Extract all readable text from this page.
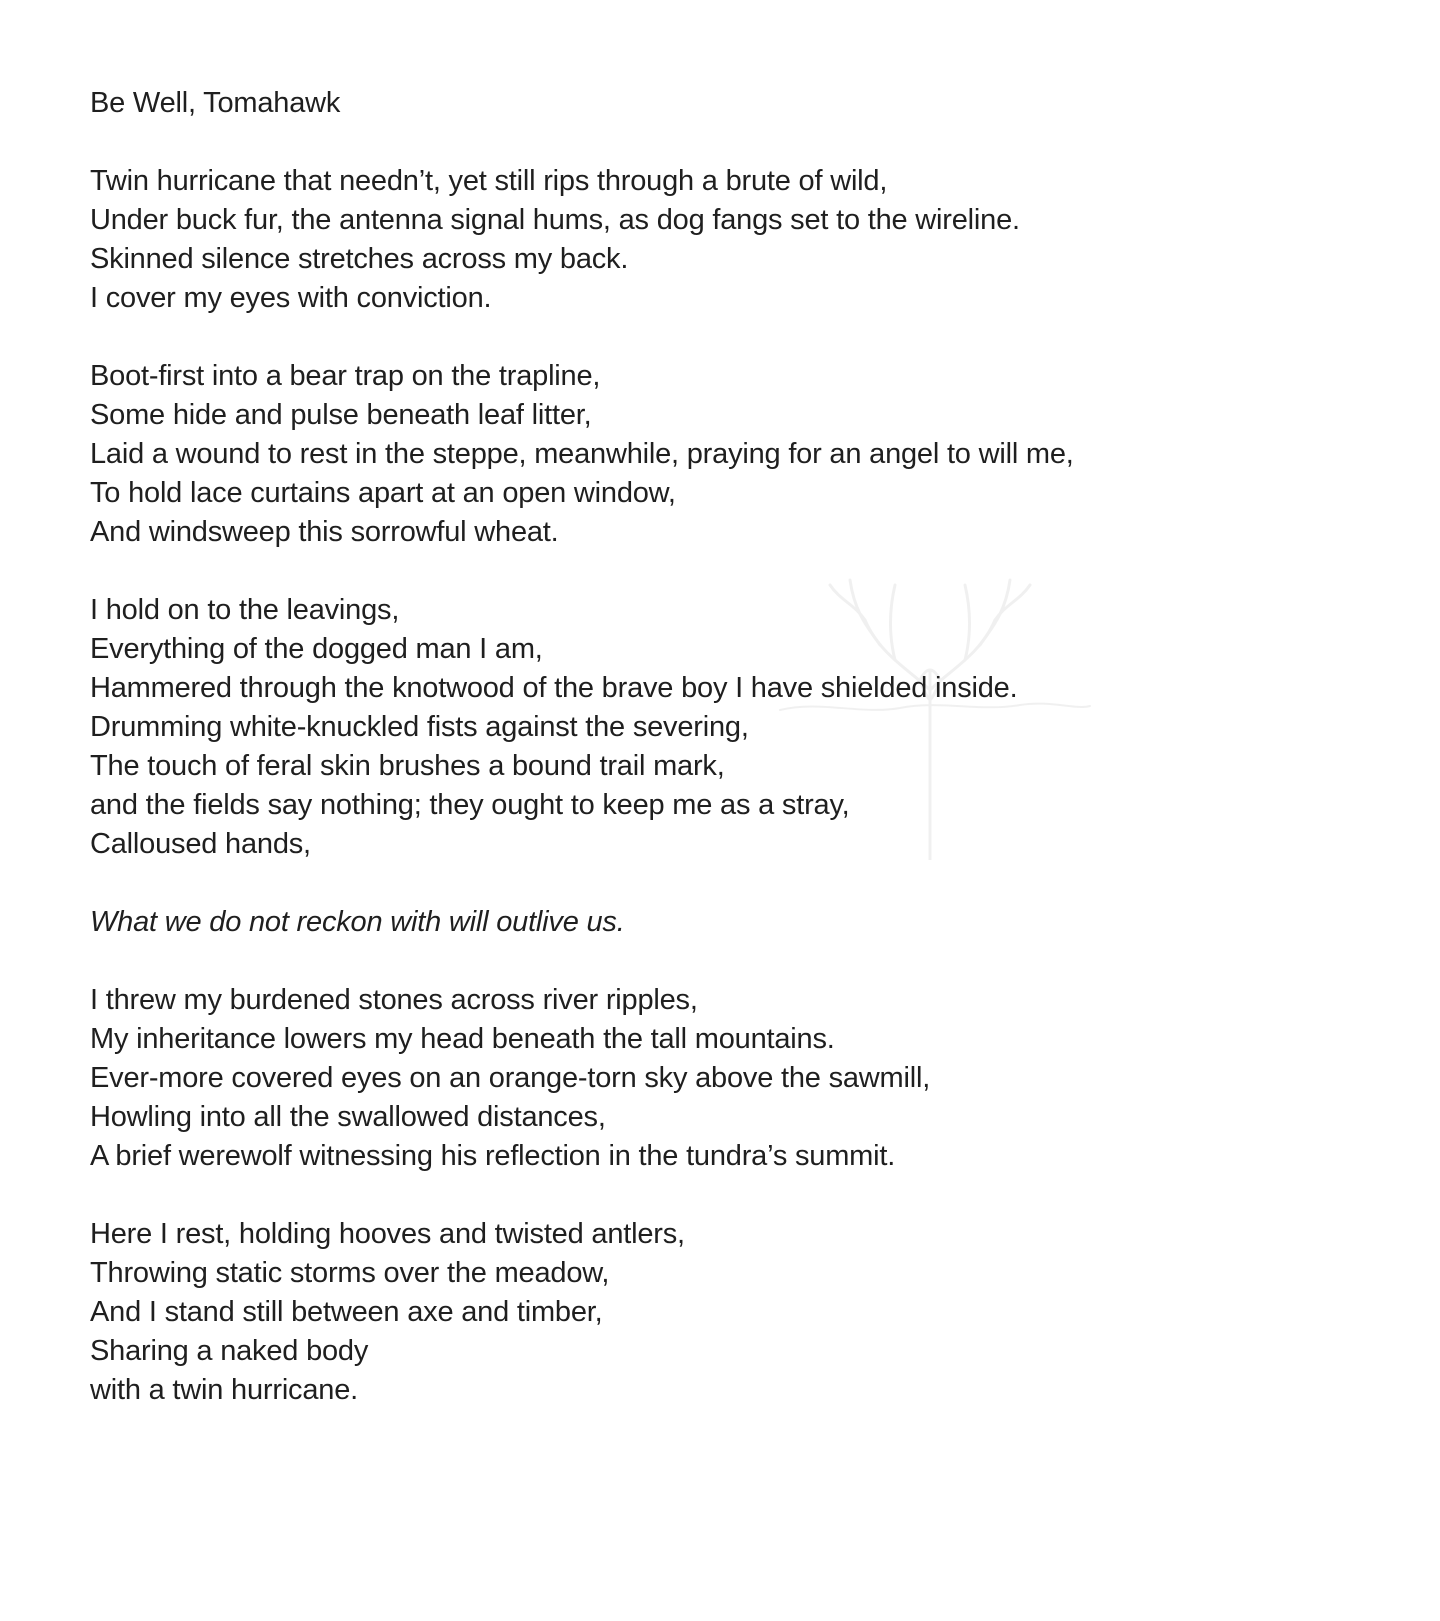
Be Well, Tomahawk
Twin hurricane that needn’t, yet still rips through a brute of wild,
Under buck fur, the antenna signal hums, as dog fangs set to the wireline.
Skinned silence stretches across my back.
I cover my eyes with conviction.
Boot-first into a bear trap on the trapline,
Some hide and pulse beneath leaf litter,
Laid a wound to rest in the steppe, meanwhile, praying for an angel to will me,
To hold lace curtains apart at an open window,
And windsweep this sorrowful wheat.
I hold on to the leavings,
Everything of the dogged man I am,
Hammered through the knotwood of the brave boy I have shielded inside.
Drumming white-knuckled fists against the severing,
The touch of feral skin brushes a bound trail mark,
and the fields say nothing; they ought to keep me as a stray,
Calloused hands,
What we do not reckon with will outlive us.
I threw my burdened stones across river ripples,
My inheritance lowers my head beneath the tall mountains.
Ever-more covered eyes on an orange-torn sky above the sawmill,
Howling into all the swallowed distances,
A brief werewolf witnessing his reflection in the tundra’s summit.
Here I rest, holding hooves and twisted antlers,
Throwing static storms over the meadow,
And I stand still between axe and timber,
Sharing a naked body
with a twin hurricane.
